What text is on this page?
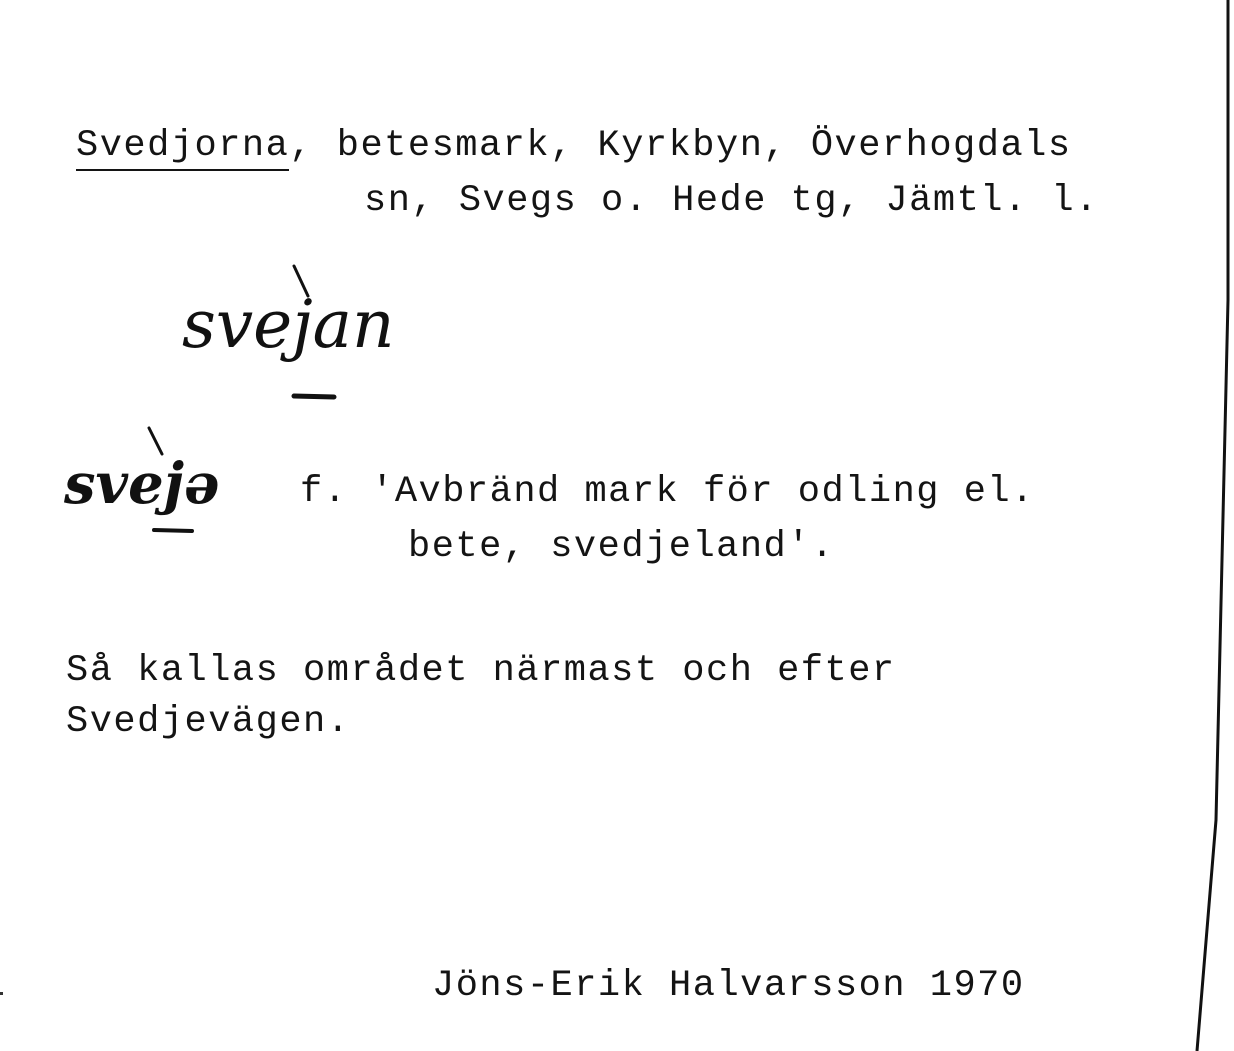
Svedjorna, betesmark, Kyrkbyn, Överhogdals
sn, Svegs o. Hede tg, Jämtl. l.
svejan
svejə f. 'Avbränd mark för odling el.
bete, svedjeland'.
Så kallas området närmast och efter
Svedjevägen.
Jöns-Erik Halvarsson 1970
